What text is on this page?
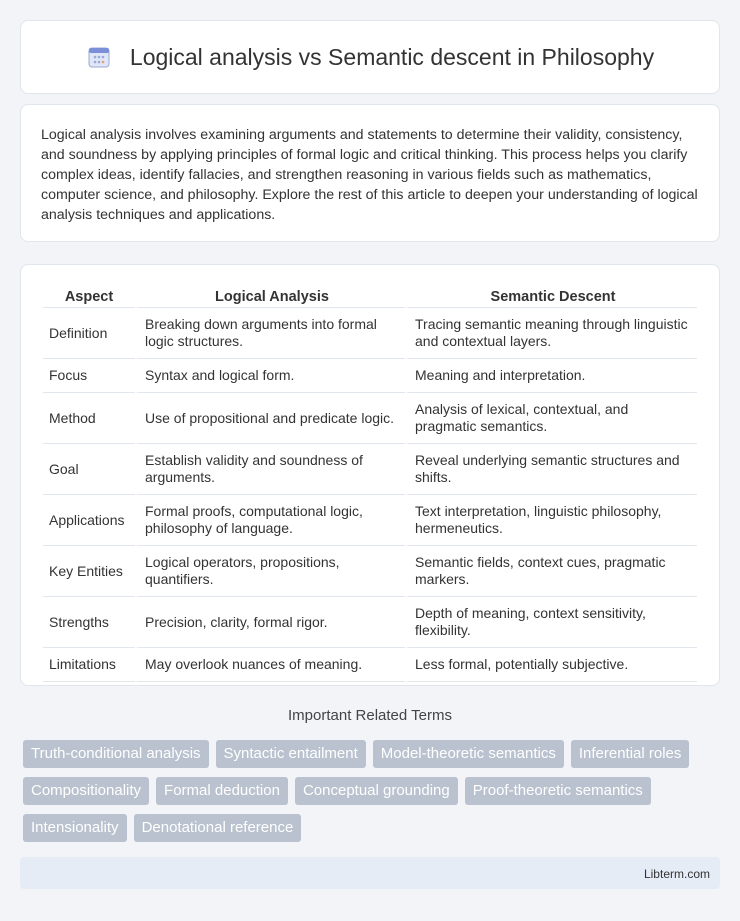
Logical analysis vs Semantic descent in Philosophy

Logical analysis involves examining arguments and statements to determine their validity, consistency, and soundness by applying principles of formal logic and critical thinking. This process helps you clarify complex ideas, identify fallacies, and strengthen reasoning in various fields such as mathematics, computer science, and philosophy. Explore the rest of this article to deepen your understanding of logical analysis techniques and applications.

Aspect	Logical Analysis	Semantic Descent
Definition	Breaking down arguments into formal logic structures.	Tracing semantic meaning through linguistic and contextual layers.
Focus	Syntax and logical form.	Meaning and interpretation.
Method	Use of propositional and predicate logic.	Analysis of lexical, contextual, and pragmatic semantics.
Goal	Establish validity and soundness of arguments.	Reveal underlying semantic structures and shifts.
Applications	Formal proofs, computational logic, philosophy of language.	Text interpretation, linguistic philosophy, hermeneutics.
Key Entities	Logical operators, propositions, quantifiers.	Semantic fields, context cues, pragmatic markers.
Strengths	Precision, clarity, formal rigor.	Depth of meaning, context sensitivity, flexibility.
Limitations	May overlook nuances of meaning.	Less formal, potentially subjective.
Important Related Terms
Truth-conditional analysis	Syntactic entailment	Model-theoretic semantics	Inferential roles
Compositionality	Formal deduction	Conceptual grounding	Proof-theoretic semantics
Intensionality	Denotational reference
Libterm.com
